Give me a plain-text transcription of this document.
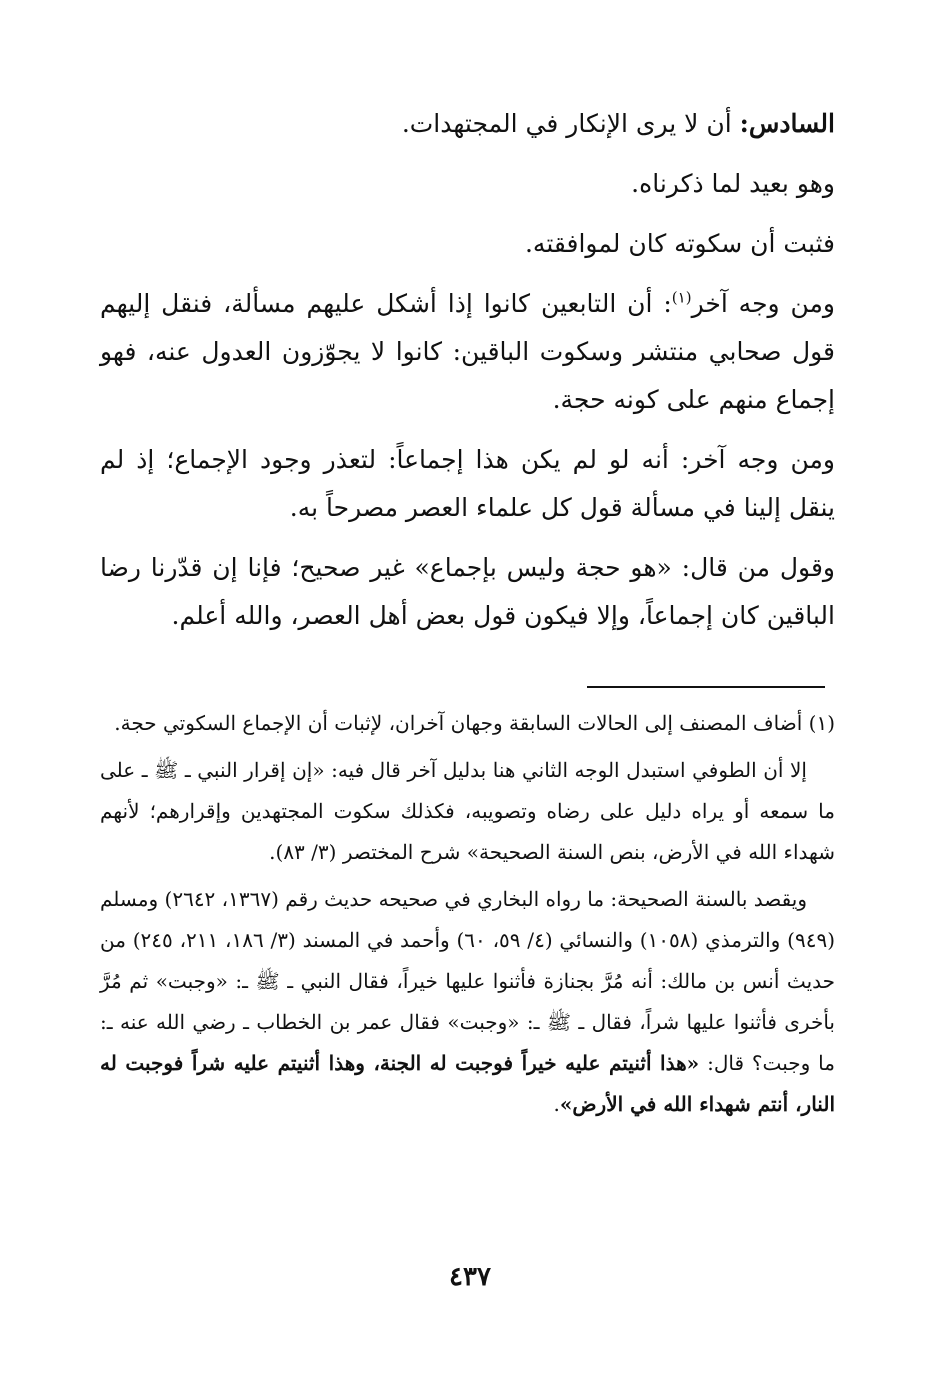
السادس: أن لا يرى الإنكار في المجتهدات.

وهو بعيد لما ذكرناه.

فثبت أن سكوته كان لموافقته.

ومن وجه آخر$^{(١)}$: أن التابعين كانوا إذا أشكل عليهم مسألة، فنقل إليهم قول صحابي منتشر وسكوت الباقين: كانوا لا يجوّزون العدول عنه، فهو إجماع منهم على كونه حجة.

ومن وجه آخر: أنه لو لم يكن هذا إجماعاً: لتعذر وجود الإجماع؛ إذ لم ينقل إلينا في مسألة قول كل علماء العصر مصرحاً به.

وقول من قال: «هو حجة وليس بإجماع» غير صحيح؛ فإنا إن قدّرنا رضا الباقين كان إجماعاً، وإلا فيكون قول بعض أهل العصر، والله أعلم.

(١) أضاف المصنف إلى الحالات السابقة وجهان آخران، لإثبات أن الإجماع السكوتي حجة.

إلا أن الطوفي استبدل الوجه الثاني هنا بدليل آخر قال فيه: «إن إقرار النبي ـ ﷺ ـ على ما سمعه أو يراه دليل على رضاه وتصويبه، فكذلك سكوت المجتهدين وإقرارهم؛ لأنهم شهداء الله في الأرض، بنص السنة الصحيحة» شرح المختصر (٣/ ٨٣).

ويقصد بالسنة الصحيحة: ما رواه البخاري في صحيحه حديث رقم (١٣٦٧، ٢٦٤٢) ومسلم (٩٤٩) والترمذي (١٠٥٨) والنسائي (٤/ ٥٩، ٦٠) وأحمد في المسند (٣/ ١٨٦، ٢١١، ٢٤٥) من حديث أنس بن مالك: أنه مُرَّ بجنازة فأثنوا عليها خيراً، فقال النبي ـ ﷺ ـ: «وجبت» ثم مُرَّ بأخرى فأثنوا عليها شراً، فقال ـ ﷺ ـ: «وجبت» فقال عمر بن الخطاب ـ رضي الله عنه ـ: ما وجبت؟ قال: «هذا أثنيتم عليه خيراً فوجبت له الجنة، وهذا أثنيتم عليه شراً فوجبت له النار، أنتم شهداء الله في الأرض».

٤٣٧
